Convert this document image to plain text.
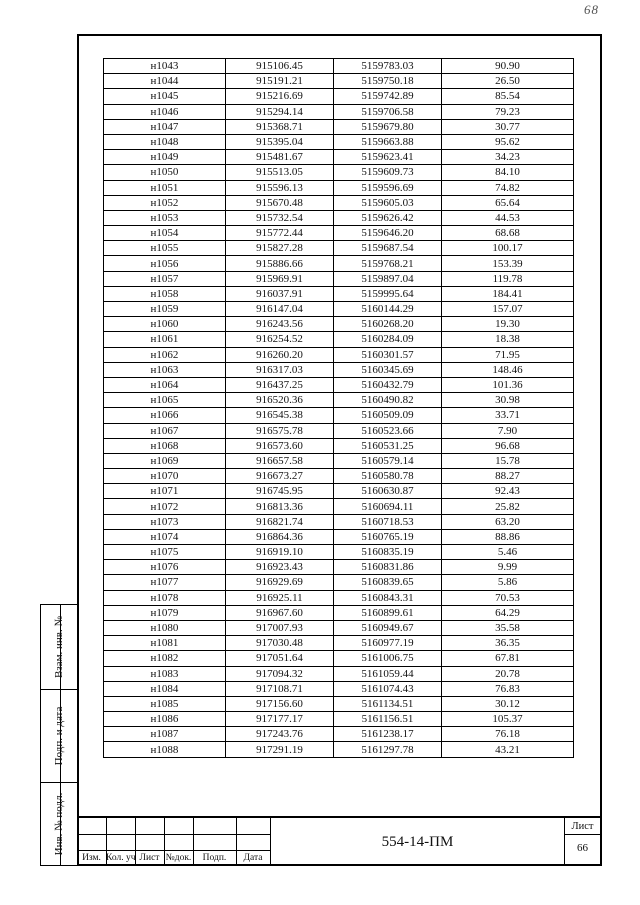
68
н1043	915106.45	5159783.03	90.90
н1044	915191.21	5159750.18	26.50
н1045	915216.69	5159742.89	85.54
н1046	915294.14	5159706.58	79.23
н1047	915368.71	5159679.80	30.77
н1048	915395.04	5159663.88	95.62
н1049	915481.67	5159623.41	34.23
н1050	915513.05	5159609.73	84.10
н1051	915596.13	5159596.69	74.82
н1052	915670.48	5159605.03	65.64
н1053	915732.54	5159626.42	44.53
н1054	915772.44	5159646.20	68.68
н1055	915827.28	5159687.54	100.17
н1056	915886.66	5159768.21	153.39
н1057	915969.91	5159897.04	119.78
н1058	916037.91	5159995.64	184.41
н1059	916147.04	5160144.29	157.07
н1060	916243.56	5160268.20	19.30
н1061	916254.52	5160284.09	18.38
н1062	916260.20	5160301.57	71.95
н1063	916317.03	5160345.69	148.46
н1064	916437.25	5160432.79	101.36
н1065	916520.36	5160490.82	30.98
н1066	916545.38	5160509.09	33.71
н1067	916575.78	5160523.66	7.90
н1068	916573.60	5160531.25	96.68
н1069	916657.58	5160579.14	15.78
н1070	916673.27	5160580.78	88.27
н1071	916745.95	5160630.87	92.43
н1072	916813.36	5160694.11	25.82
н1073	916821.74	5160718.53	63.20
н1074	916864.36	5160765.19	88.86
н1075	916919.10	5160835.19	5.46
н1076	916923.43	5160831.86	9.99
н1077	916929.69	5160839.65	5.86
н1078	916925.11	5160843.31	70.53
н1079	916967.60	5160899.61	64.29
н1080	917007.93	5160949.67	35.58
н1081	917030.48	5160977.19	36.35
н1082	917051.64	5161006.75	67.81
н1083	917094.32	5161059.44	20.78
н1084	917108.71	5161074.43	76.83
н1085	917156.60	5161134.51	30.12
н1086	917177.17	5161156.51	105.37
н1087	917243.76	5161238.17	76.18
н1088	917291.19	5161297.78	43.21
Взам. инв. №
Подп. и дата
Инв. № подл.
Изм. Кол. уч Лист №док.	Подп.	Дата
554-14-ПМ
Лист
66
